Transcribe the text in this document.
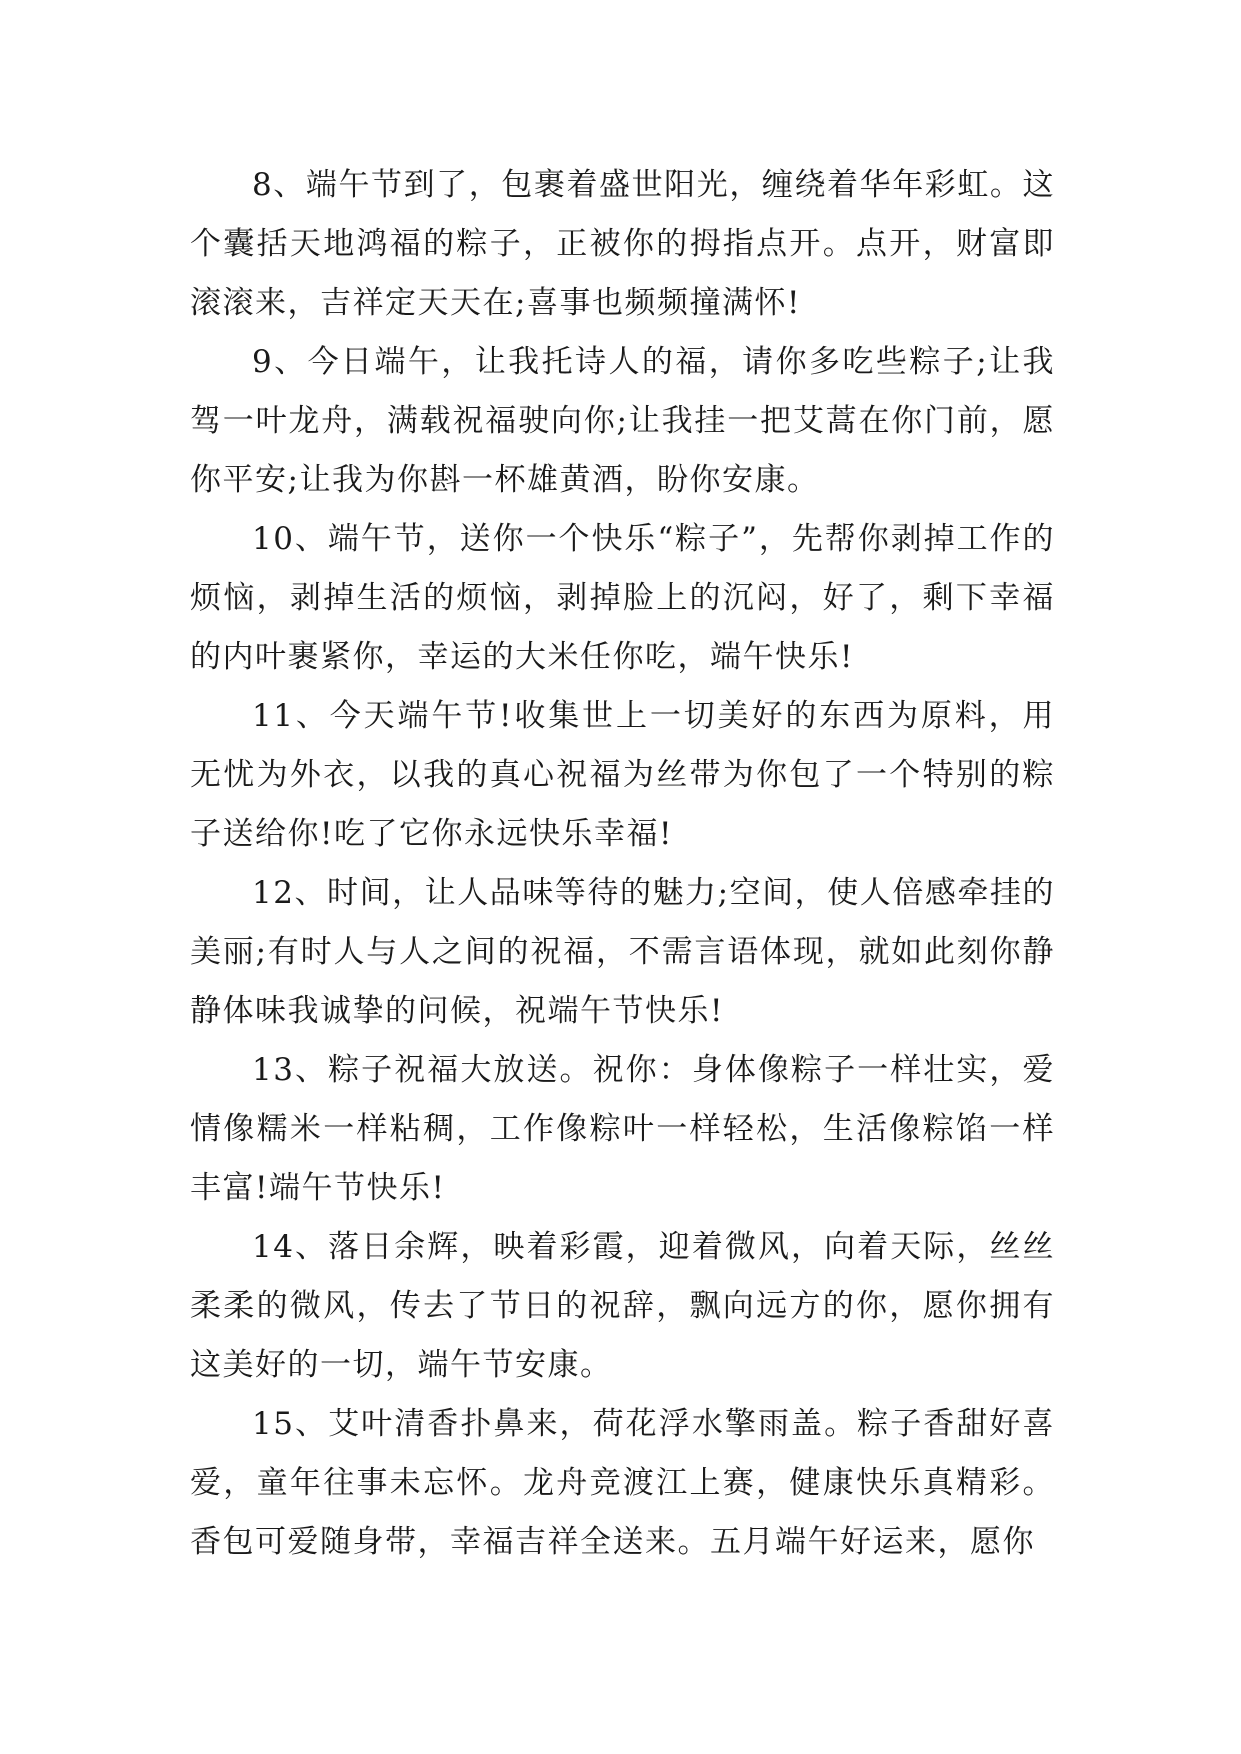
8、端午节到了，包裹着盛世阳光，缠绕着华年彩虹。这个囊括天地鸿福的粽子，正被你的拇指点开。点开，财富即滚滚来，吉祥定天天在;喜事也频频撞满怀!

9、今日端午，让我托诗人的福，请你多吃些粽子;让我驾一叶龙舟，满载祝福驶向你;让我挂一把艾蒿在你门前，愿你平安;让我为你斟一杯雄黄酒，盼你安康。

10、端午节，送你一个快乐“粽子”，先帮你剥掉工作的烦恼，剥掉生活的烦恼，剥掉脸上的沉闷，好了，剩下幸福的内叶裹紧你，幸运的大米任你吃，端午快乐!

11、今天端午节!收集世上一切美好的东西为原料，用无忧为外衣，以我的真心祝福为丝带为你包了一个特别的粽子送给你!吃了它你永远快乐幸福!

12、时间，让人品味等待的魅力;空间，使人倍感牵挂的美丽;有时人与人之间的祝福，不需言语体现，就如此刻你静静体味我诚挚的问候，祝端午节快乐!

13、粽子祝福大放送。祝你：身体像粽子一样壮实，爱情像糯米一样粘稠，工作像粽叶一样轻松，生活像粽馅一样丰富!端午节快乐!

14、落日余辉，映着彩霞，迎着微风，向着天际，丝丝柔柔的微风，传去了节日的祝辞，飘向远方的你，愿你拥有这美好的一切，端午节安康。

15、艾叶清香扑鼻来，荷花浮水擎雨盖。粽子香甜好喜爱，童年往事未忘怀。龙舟竞渡江上赛，健康快乐真精彩。香包可爱随身带，幸福吉祥全送来。五月端午好运来，愿你
